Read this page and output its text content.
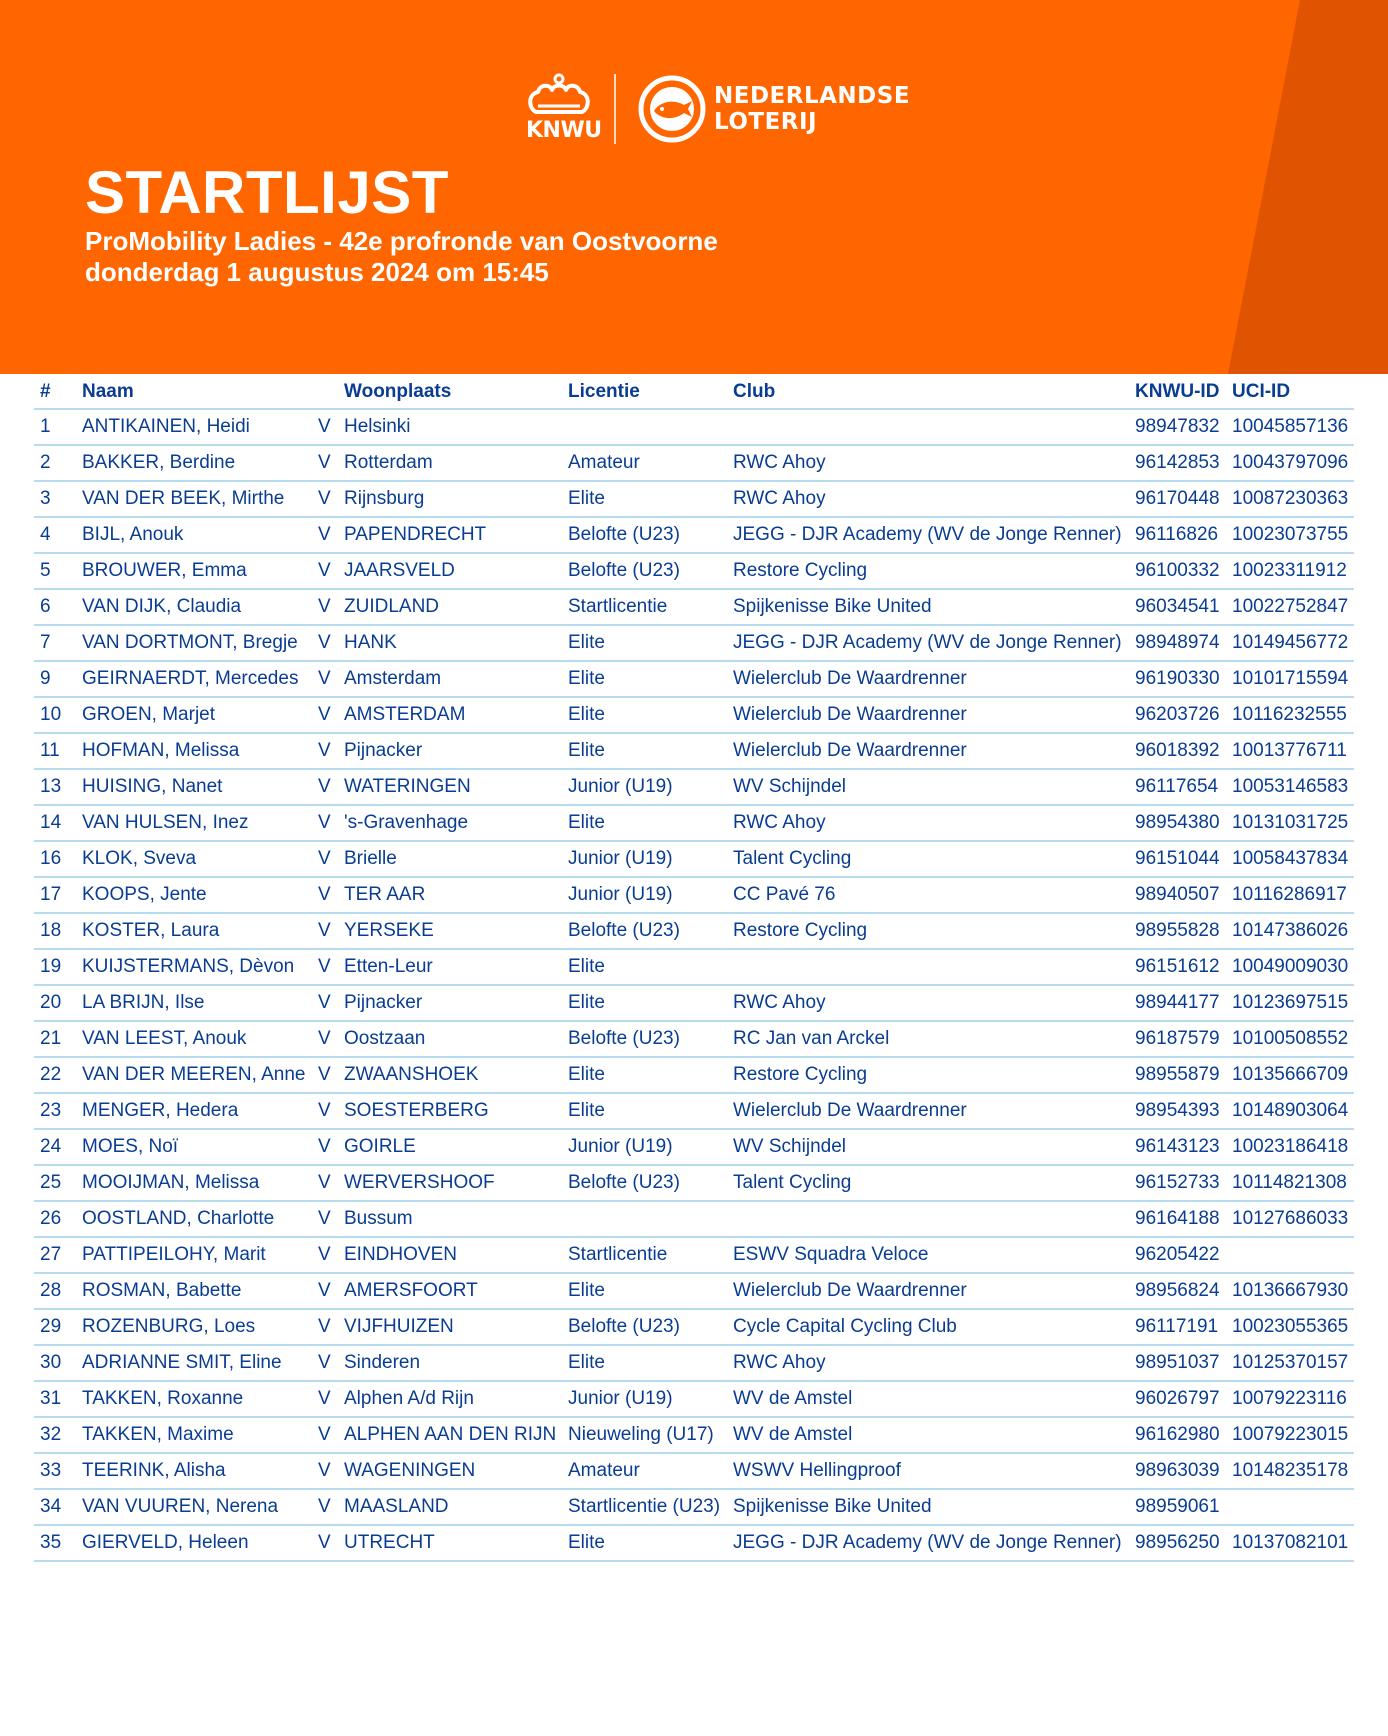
KNWU
NEDERLANDSE
LOTERIJ
STARTLIJST
ProMobility Ladies - 42e profronde van Oostvoorne
donderdag 1 augustus 2024 om 15:45
#	Naam		Woonplaats	Licentie	Club	KNWU-ID	UCI-ID
1	ANTIKAINEN, Heidi	V	Helsinki			98947832	10045857136
2	BAKKER, Berdine	V	Rotterdam	Amateur	RWC Ahoy	96142853	10043797096
3	VAN DER BEEK, Mirthe	V	Rijnsburg	Elite	RWC Ahoy	96170448	10087230363
4	BIJL, Anouk	V	PAPENDRECHT	Belofte (U23)	JEGG - DJR Academy (WV de Jonge Renner)	96116826	10023073755
5	BROUWER, Emma	V	JAARSVELD	Belofte (U23)	Restore Cycling	96100332	10023311912
6	VAN DIJK, Claudia	V	ZUIDLAND	Startlicentie	Spijkenisse Bike United	96034541	10022752847
7	VAN DORTMONT, Bregje	V	HANK	Elite	JEGG - DJR Academy (WV de Jonge Renner)	98948974	10149456772
9	GEIRNAERDT, Mercedes	V	Amsterdam	Elite	Wielerclub De Waardrenner	96190330	10101715594
10	GROEN, Marjet	V	AMSTERDAM	Elite	Wielerclub De Waardrenner	96203726	10116232555
11	HOFMAN, Melissa	V	Pijnacker	Elite	Wielerclub De Waardrenner	96018392	10013776711
13	HUISING, Nanet	V	WATERINGEN	Junior (U19)	WV Schijndel	96117654	10053146583
14	VAN HULSEN, Inez	V	's-Gravenhage	Elite	RWC Ahoy	98954380	10131031725
16	KLOK, Sveva	V	Brielle	Junior (U19)	Talent Cycling	96151044	10058437834
17	KOOPS, Jente	V	TER AAR	Junior (U19)	CC Pavé 76	98940507	10116286917
18	KOSTER, Laura	V	YERSEKE	Belofte (U23)	Restore Cycling	98955828	10147386026
19	KUIJSTERMANS, Dèvon	V	Etten-Leur	Elite		96151612	10049009030
20	LA BRIJN, Ilse	V	Pijnacker	Elite	RWC Ahoy	98944177	10123697515
21	VAN LEEST, Anouk	V	Oostzaan	Belofte (U23)	RC Jan van Arckel	96187579	10100508552
22	VAN DER MEEREN, Anne	V	ZWAANSHOEK	Elite	Restore Cycling	98955879	10135666709
23	MENGER, Hedera	V	SOESTERBERG	Elite	Wielerclub De Waardrenner	98954393	10148903064
24	MOES, Noï	V	GOIRLE	Junior (U19)	WV Schijndel	96143123	10023186418
25	MOOIJMAN, Melissa	V	WERVERSHOOF	Belofte (U23)	Talent Cycling	96152733	10114821308
26	OOSTLAND, Charlotte	V	Bussum			96164188	10127686033
27	PATTIPEILOHY, Marit	V	EINDHOVEN	Startlicentie	ESWV Squadra Veloce	96205422	
28	ROSMAN, Babette	V	AMERSFOORT	Elite	Wielerclub De Waardrenner	98956824	10136667930
29	ROZENBURG, Loes	V	VIJFHUIZEN	Belofte (U23)	Cycle Capital Cycling Club	96117191	10023055365
30	ADRIANNE SMIT, Eline	V	Sinderen	Elite	RWC Ahoy	98951037	10125370157
31	TAKKEN, Roxanne	V	Alphen A/d Rijn	Junior (U19)	WV de Amstel	96026797	10079223116
32	TAKKEN, Maxime	V	ALPHEN AAN DEN RIJN	Nieuweling (U17)	WV de Amstel	96162980	10079223015
33	TEERINK, Alisha	V	WAGENINGEN	Amateur	WSWV Hellingproof	98963039	10148235178
34	VAN VUUREN, Nerena	V	MAASLAND	Startlicentie (U23)	Spijkenisse Bike United	98959061	
35	GIERVELD, Heleen	V	UTRECHT	Elite	JEGG - DJR Academy (WV de Jonge Renner)	98956250	10137082101
